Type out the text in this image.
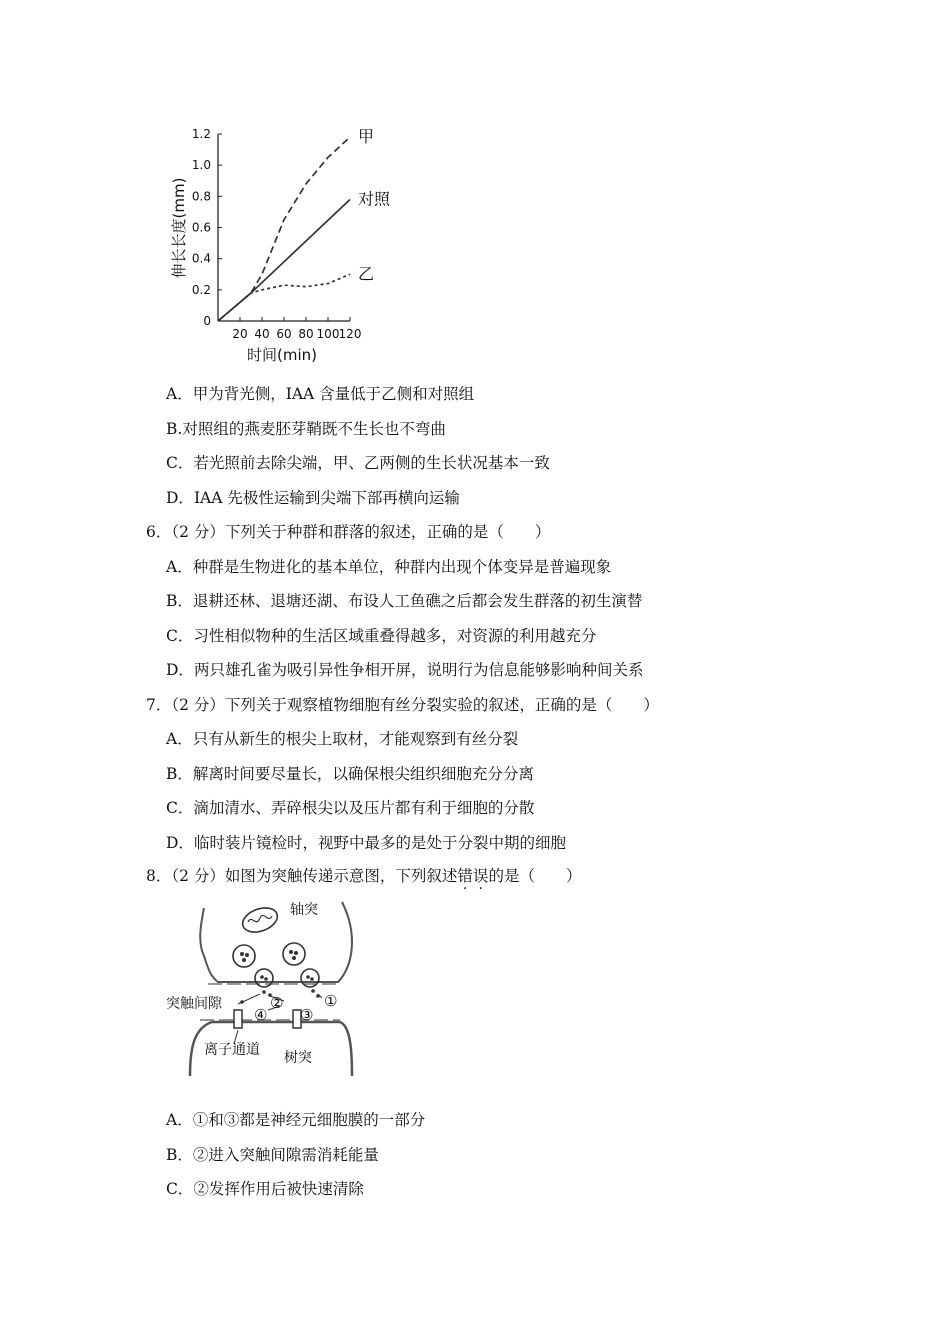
0
0.2
0.4
0.6
0.8
1.0
1.2
20 40 60 80 100 120
甲
对照
乙
时间(min)
伸长长度(mm)
A．甲为背光侧，IAA 含量低于乙侧和对照组
B.对照组的燕麦胚芽鞘既不生长也不弯曲
C．若光照前去除尖端，甲、乙两侧的生长状况基本一致
D．IAA 先极性运输到尖端下部再横向运输
6．（2 分）下列关于种群和群落的叙述，正确的是（　　）
A．种群是生物进化的基本单位，种群内出现个体变异是普遍现象
B．退耕还林、退塘还湖、布设人工鱼礁之后都会发生群落的初生演替
C．习性相似物种的生活区域重叠得越多，对资源的利用越充分
D．两只雄孔雀为吸引异性争相开屏，说明行为信息能够影响种间关系
7．（2 分）下列关于观察植物细胞有丝分裂实验的叙述，正确的是（　　）
A．只有从新生的根尖上取材，才能观察到有丝分裂
B．解离时间要尽量长，以确保根尖组织细胞充分分离
C．滴加清水、弄碎根尖以及压片都有利于细胞的分散
D．临时装片镜检时，视野中最多的是处于分裂中期的细胞
8．（2 分）如图为突触传递示意图，下列叙述错误的是（　　）
轴突
突触间隙
离子通道 树突
①
②
③
④
A．①和③都是神经元细胞膜的一部分
B．②进入突触间隙需消耗能量
C．②发挥作用后被快速清除
